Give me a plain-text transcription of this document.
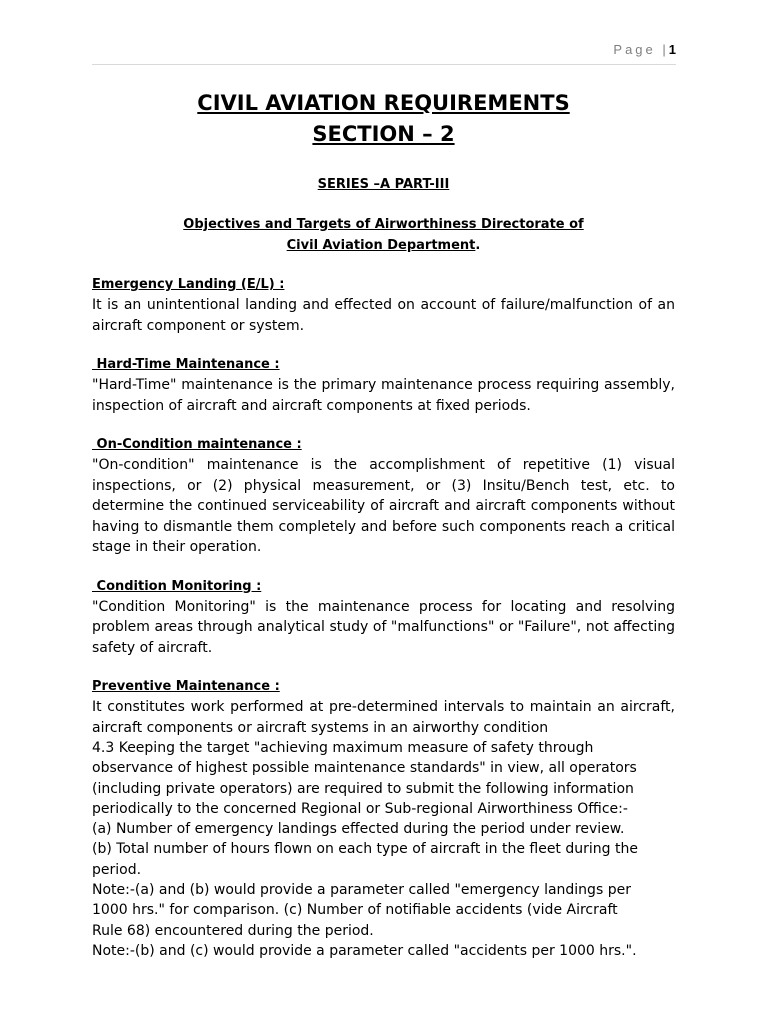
Page |1
CIVIL AVIATION REQUIREMENTS
SECTION – 2
SERIES –A PART-III
Objectives and Targets of Airworthiness Directorate of
Civil Aviation Department.
Emergency Landing (E/L) :

It is an unintentional landing and effected on account of failure/malfunction of an aircraft component or system.

Hard-Time Maintenance :

"Hard-Time" maintenance is the primary maintenance process requiring assembly, inspection of aircraft and aircraft components at fixed periods.

On-Condition maintenance :

"On-condition" maintenance is the accomplishment of repetitive (1) visual inspections, or (2) physical measurement, or (3) Insitu/Bench test, etc. to determine the continued serviceability of aircraft and aircraft components without having to dismantle them completely and before such components reach a critical stage in their operation.

Condition Monitoring :

"Condition Monitoring" is the maintenance process for locating and resolving problem areas through analytical study of "malfunctions" or "Failure", not affecting safety of aircraft.

Preventive Maintenance :

It constitutes work performed at pre-determined intervals to maintain an aircraft, aircraft components or aircraft systems in an airworthy condition

4.3 Keeping the target "achieving maximum measure of safety through

observance of highest possible maintenance standards" in view, all operators

(including private operators) are required to submit the following information

periodically to the concerned Regional or Sub-regional Airworthiness Office:-

(a) Number of emergency landings effected during the period under review.

(b) Total number of hours flown on each type of aircraft in the fleet during the

period.

Note:-(a) and (b) would provide a parameter called "emergency landings per

1000 hrs." for comparison. (c) Number of notifiable accidents (vide Aircraft

Rule 68) encountered during the period.

Note:-(b) and (c) would provide a parameter called "accidents per 1000 hrs.".
